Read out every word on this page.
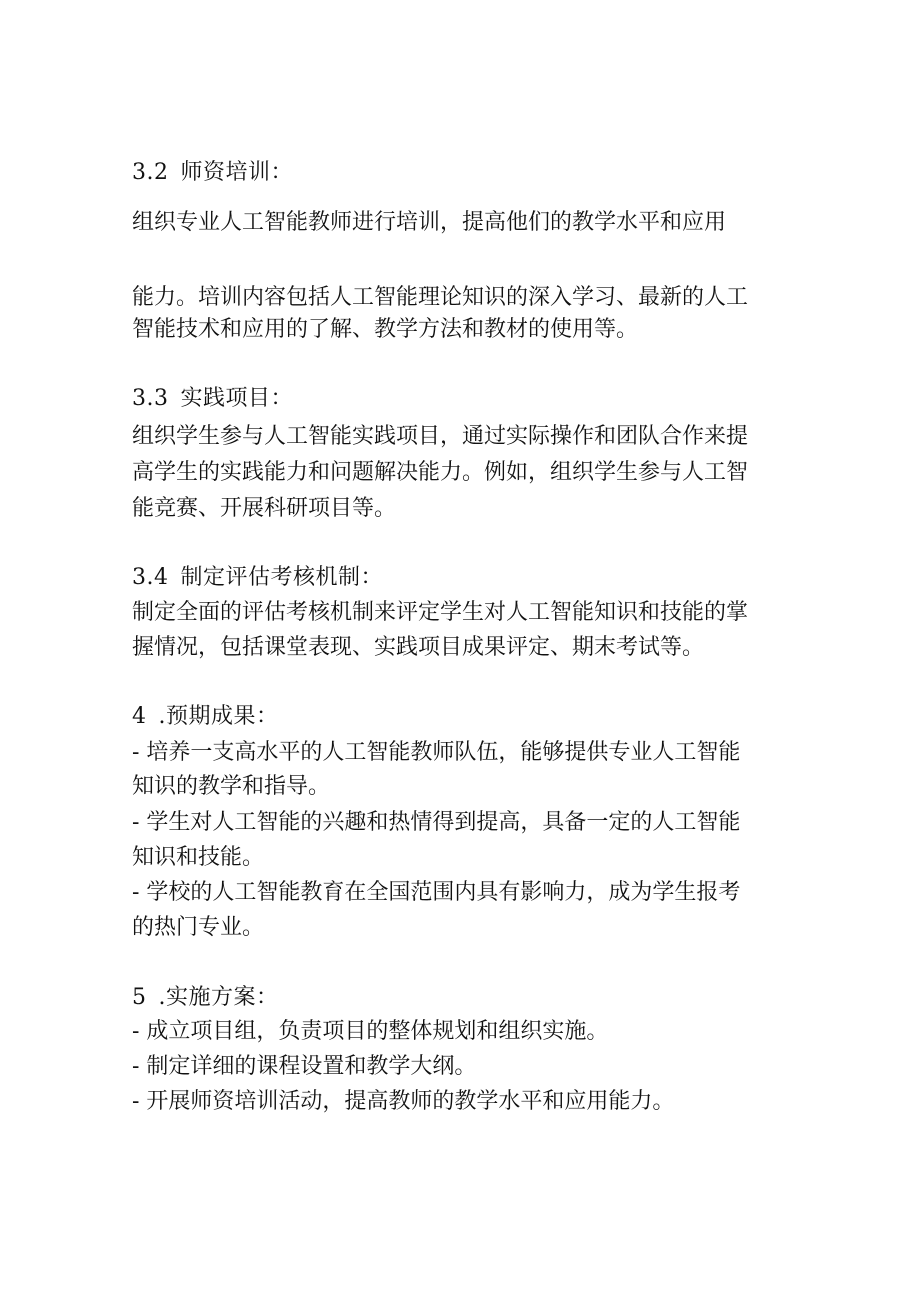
3.2 师资培训：
组织专业人工智能教师进行培训，提高他们的教学水平和应用
能力。培训内容包括人工智能理论知识的深入学习、最新的人工
智能技术和应用的了解、教学方法和教材的使用等。
3.3 实践项目：
组织学生参与人工智能实践项目，通过实际操作和团队合作来提
高学生的实践能力和问题解决能力。例如，组织学生参与人工智
能竞赛、开展科研项目等。
3.4 制定评估考核机制：
制定全面的评估考核机制来评定学生对人工智能知识和技能的掌
握情况，包括课堂表现、实践项目成果评定、期末考试等。
4 .预期成果：
- 培养一支高水平的人工智能教师队伍，能够提供专业人工智能
知识的教学和指导。
- 学生对人工智能的兴趣和热情得到提高，具备一定的人工智能
知识和技能。
- 学校的人工智能教育在全国范围内具有影响力，成为学生报考
的热门专业。
5 .实施方案：
- 成立项目组，负责项目的整体规划和组织实施。
- 制定详细的课程设置和教学大纲。
- 开展师资培训活动，提高教师的教学水平和应用能力。
